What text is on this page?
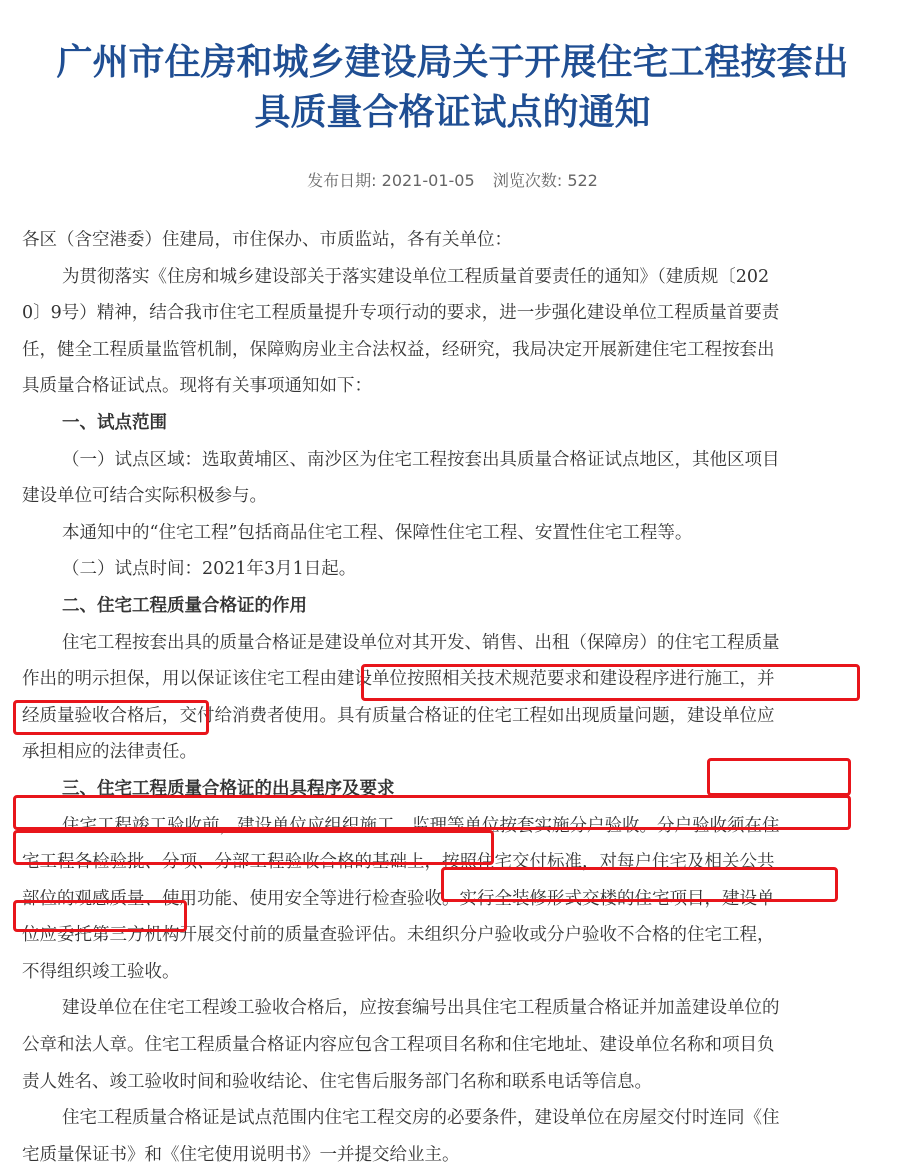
广州市住房和城乡建设局关于开展住宅工程按套出
具质量合格证试点的通知
发布日期: 2021-01-05 浏览次数: 522
各区（含空港委）住建局，市住保办、市质监站，各有关单位：
为贯彻落实《住房和城乡建设部关于落实建设单位工程质量首要责任的通知》（建质规〔202
0〕9号）精神，结合我市住宅工程质量提升专项行动的要求，进一步强化建设单位工程质量首要责
任，健全工程质量监管机制，保障购房业主合法权益，经研究，我局决定开展新建住宅工程按套出
具质量合格证试点。现将有关事项通知如下：
一、试点范围
（一）试点区域：选取黄埔区、南沙区为住宅工程按套出具质量合格证试点地区，其他区项目
建设单位可结合实际积极参与。
本通知中的“住宅工程”包括商品住宅工程、保障性住宅工程、安置性住宅工程等。
（二）试点时间：2021年3月1日起。
二、住宅工程质量合格证的作用
住宅工程按套出具的质量合格证是建设单位对其开发、销售、出租（保障房）的住宅工程质量
作出的明示担保，用以保证该住宅工程由建设单位按照相关技术规范要求和建设程序进行施工，并
经质量验收合格后，交付给消费者使用。具有质量合格证的住宅工程如出现质量问题，建设单位应
承担相应的法律责任。
三、住宅工程质量合格证的出具程序及要求
住宅工程竣工验收前，建设单位应组织施工、监理等单位按套实施分户验收。分户验收须在住
宅工程各检验批、分项、分部工程验收合格的基础上，按照住宅交付标准，对每户住宅及相关公共
部位的观感质量、使用功能、使用安全等进行检查验收。实行全装修形式交楼的住宅项目，建设单
位应委托第三方机构开展交付前的质量查验评估。未组织分户验收或分户验收不合格的住宅工程，
不得组织竣工验收。
建设单位在住宅工程竣工验收合格后，应按套编号出具住宅工程质量合格证并加盖建设单位的
公章和法人章。住宅工程质量合格证内容应包含工程项目名称和住宅地址、建设单位名称和项目负
责人姓名、竣工验收时间和验收结论、住宅售后服务部门名称和联系电话等信息。
住宅工程质量合格证是试点范围内住宅工程交房的必要条件，建设单位在房屋交付时连同《住
宅质量保证书》和《住宅使用说明书》一并提交给业主。
